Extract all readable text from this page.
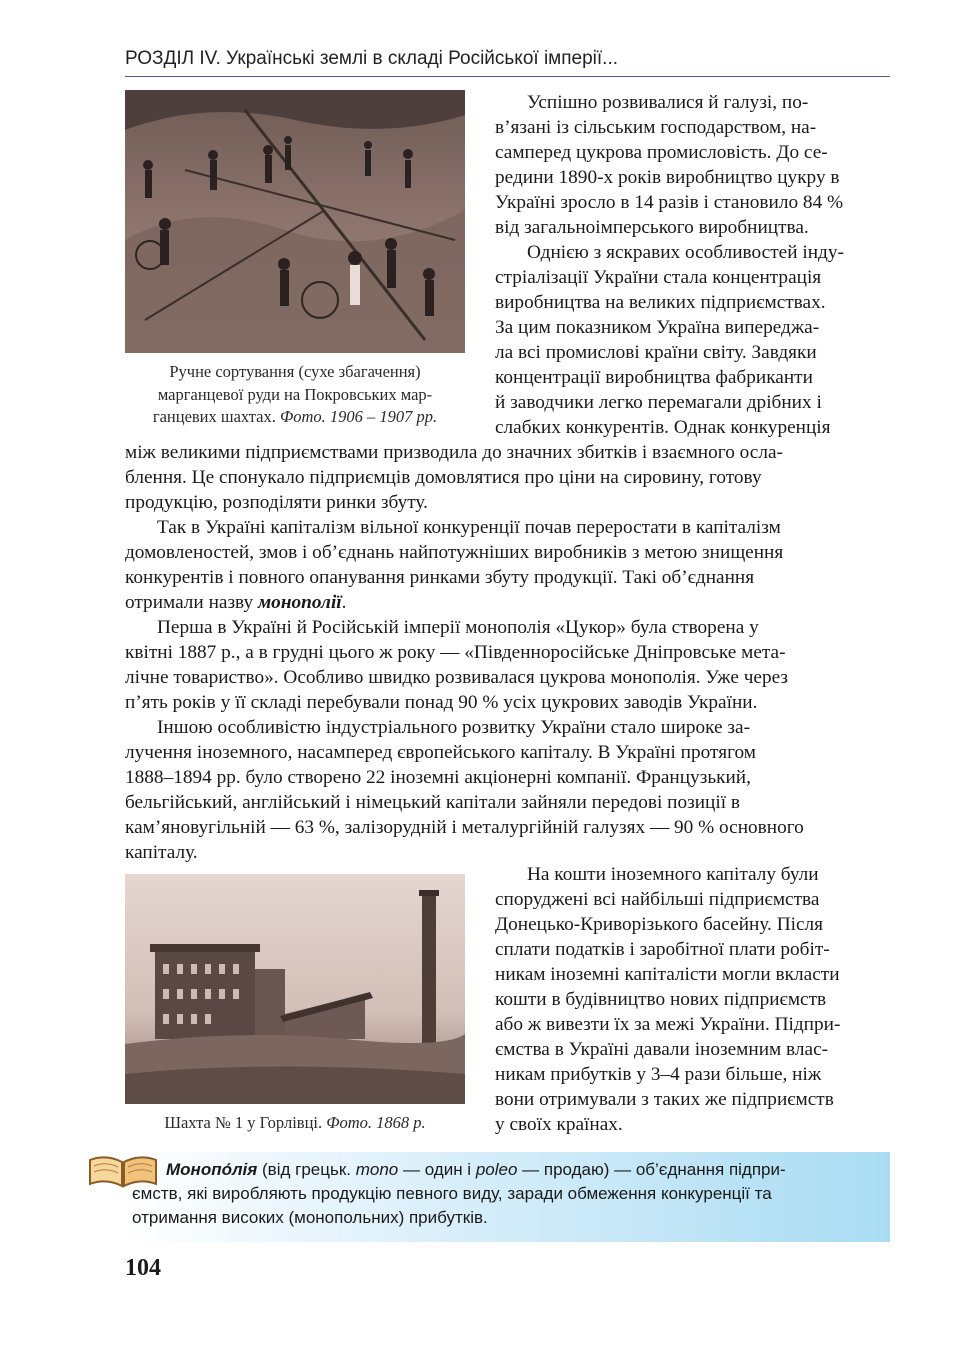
РОЗДІЛ IV. Українські землі в складі Російської імперії...
Ручне сортування (сухе збагачення)
марганцевої руди на Покровських мар-
ганцевих шахтах. Фото. 1906 – 1907 рр.

Успішно розвивалися й галузі, по-

в’язані із сільським господарством, на-

самперед цукрова промисловість. До се-

редини 1890-х років виробництво цукру в

Україні зросло в 14 разів і становило 84 %

від загальноімперського виробництва.

Однією з яскравих особливостей інду-

стріалізації України стала концентрація

виробництва на великих підприємствах.

За цим показником Україна випереджа-

ла всі промислові країни світу. Завдяки

концентрації виробництва фабриканти

й заводчики легко перемагали дрібних і

слабких конкурентів. Однак конкуренція

між великими підприємствами призводила до значних збитків і взаємного осла-

блення. Це спонукало підприємців домовлятися про ціни на сировину, готову

продукцію, розподіляти ринки збуту.

Так в Україні капіталізм вільної конкуренції почав переростати в капіталізм

домовленостей, змов і об’єднань найпотужніших виробників з метою знищення

конкурентів і повного опанування ринками збуту продукції. Такі об’єднання

отримали назву монополії.

Перша в Україні й Російській імперії монополія «Цукор» була створена у

квітні 1887 р., а в грудні цього ж року — «Південноросійське Дніпровське мета-

лічне товариство». Особливо швидко розвивалася цукрова монополія. Уже через

п’ять років у її складі перебували понад 90 % усіх цукрових заводів України.

Іншою особливістю індустріального розвитку України стало широке за-

лучення іноземного, насамперед європейського капіталу. В Україні протягом

1888–1894 рр. було створено 22 іноземні акціонерні компанії. Французький,

бельгійський, англійський і німецький капітали зайняли передові позиції в

кам’яновугільній — 63 %, залізорудній і металургійній галузях — 90 % основного

капіталу.

Шахта № 1 у Горлівці. Фото. 1868 р.

На кошти іноземного капіталу були

споруджені всі найбільші підприємства

Донецько-Криворізького басейну. Після

сплати податків і заробітної плати робіт-

никам іноземні капіталісти могли вкласти

кошти в будівництво нових підприємств

або ж вивезти їх за межі України. Підпри-

ємства в Україні давали іноземним влас-

никам прибутків у 3–4 рази більше, ніж

вони отримували з таких же підприємств

у своїх країнах.

Монопо́лія (від грецьк. mono — один і poleo — продаю) — об’єднання підпри-
ємств, які виробляють продукцію певного виду, заради обмеження конкуренції та
отримання високих (монопольних) прибутків.
104
